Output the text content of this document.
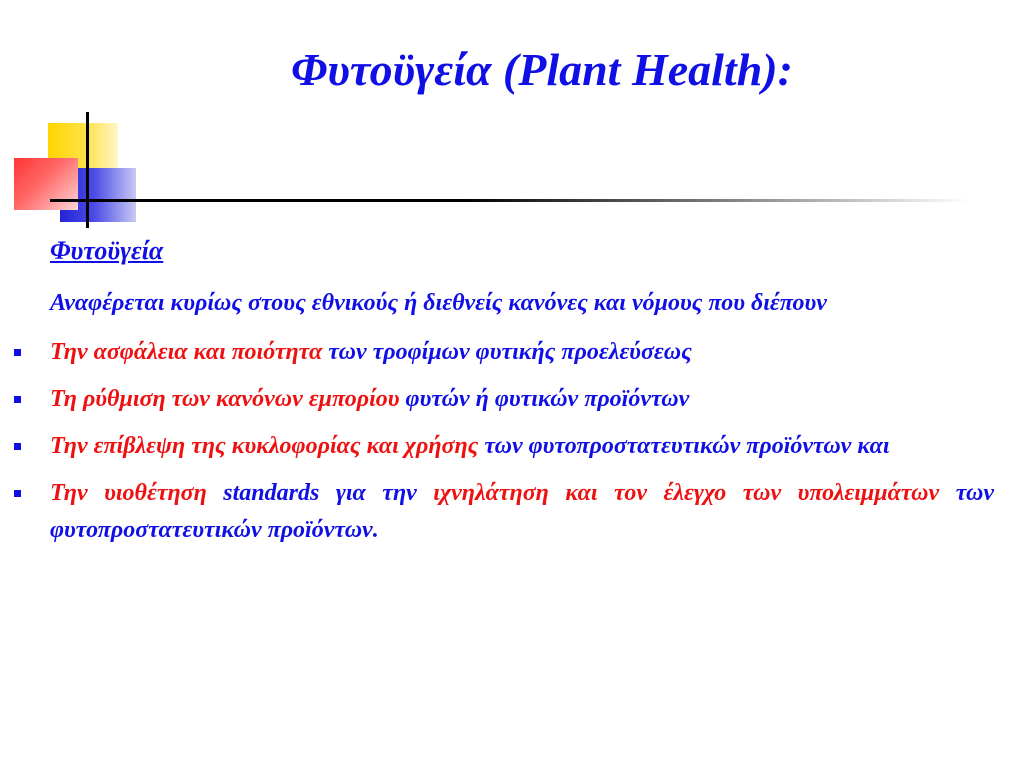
Φυτοϋγεία (Plant Health):
Φυτοϋγεία
Αναφέρεται κυρίως στους εθνικούς ή διεθνείς κανόνες και νόμους που διέπουν
Την ασφάλεια και ποιότητα των τροφίμων φυτικής προελεύσεως
Τη ρύθμιση των κανόνων εμπορίου φυτών ή φυτικών προϊόντων
Την επίβλεψη της κυκλοφορίας και χρήσης των φυτοπροστατευτικών προϊόντων και
Την υιοθέτηση standards για την ιχνηλάτηση και τον έλεγχο των υπολειμμάτων των φυτοπροστατευτικών προϊόντων.
